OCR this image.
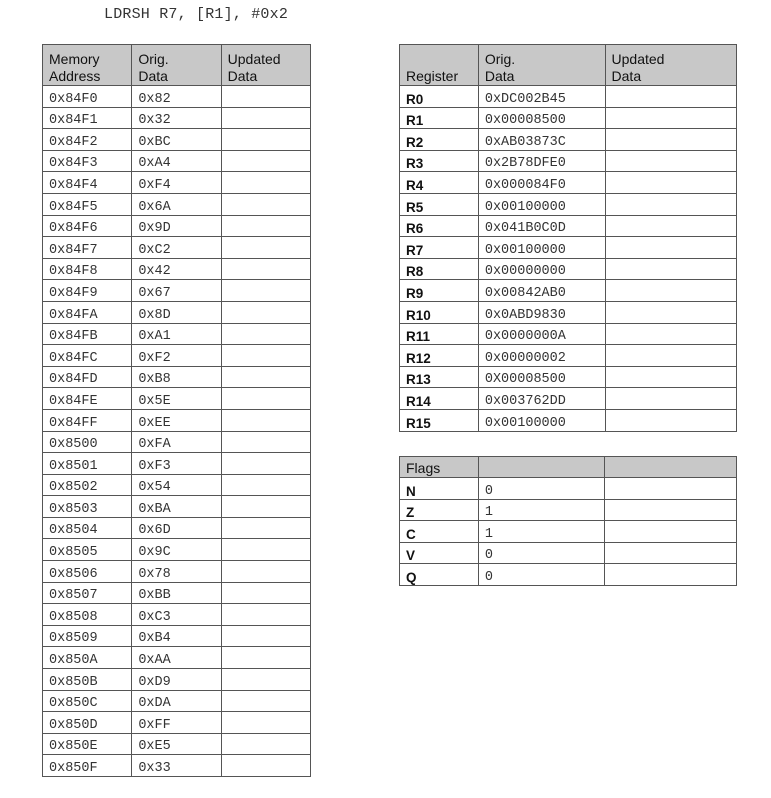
LDRSH R7, [R1], #0x2
Memory
Address	Orig.
Data	Updated
Data
0x84F0	0x82	
0x84F1	0x32	
0x84F2	0xBC	
0x84F3	0xA4	
0x84F4	0xF4	
0x84F5	0x6A	
0x84F6	0x9D	
0x84F7	0xC2	
0x84F8	0x42	
0x84F9	0x67	
0x84FA	0x8D	
0x84FB	0xA1	
0x84FC	0xF2	
0x84FD	0xB8	
0x84FE	0x5E	
0x84FF	0xEE	
0x8500	0xFA	
0x8501	0xF3	
0x8502	0x54	
0x8503	0xBA	
0x8504	0x6D	
0x8505	0x9C	
0x8506	0x78	
0x8507	0xBB	
0x8508	0xC3	
0x8509	0xB4	
0x850A	0xAA	
0x850B	0xD9	
0x850C	0xDA	
0x850D	0xFF	
0x850E	0xE5	
0x850F	0x33	
Register	Orig.
Data	Updated
Data
R0	0xDC002B45	
R1	0x00008500	
R2	0xAB03873C	
R3	0x2B78DFE0	
R4	0x000084F0	
R5	0x00100000	
R6	0x041B0C0D	
R7	0x00100000	
R8	0x00000000	
R9	0x00842AB0	
R10	0x0ABD9830	
R11	0x0000000A	
R12	0x00000002	
R13	0X00008500	
R14	0x003762DD	
R15	0x00100000	
Flags		
N	0	
Z	1	
C	1	
V	0	
Q	0	
